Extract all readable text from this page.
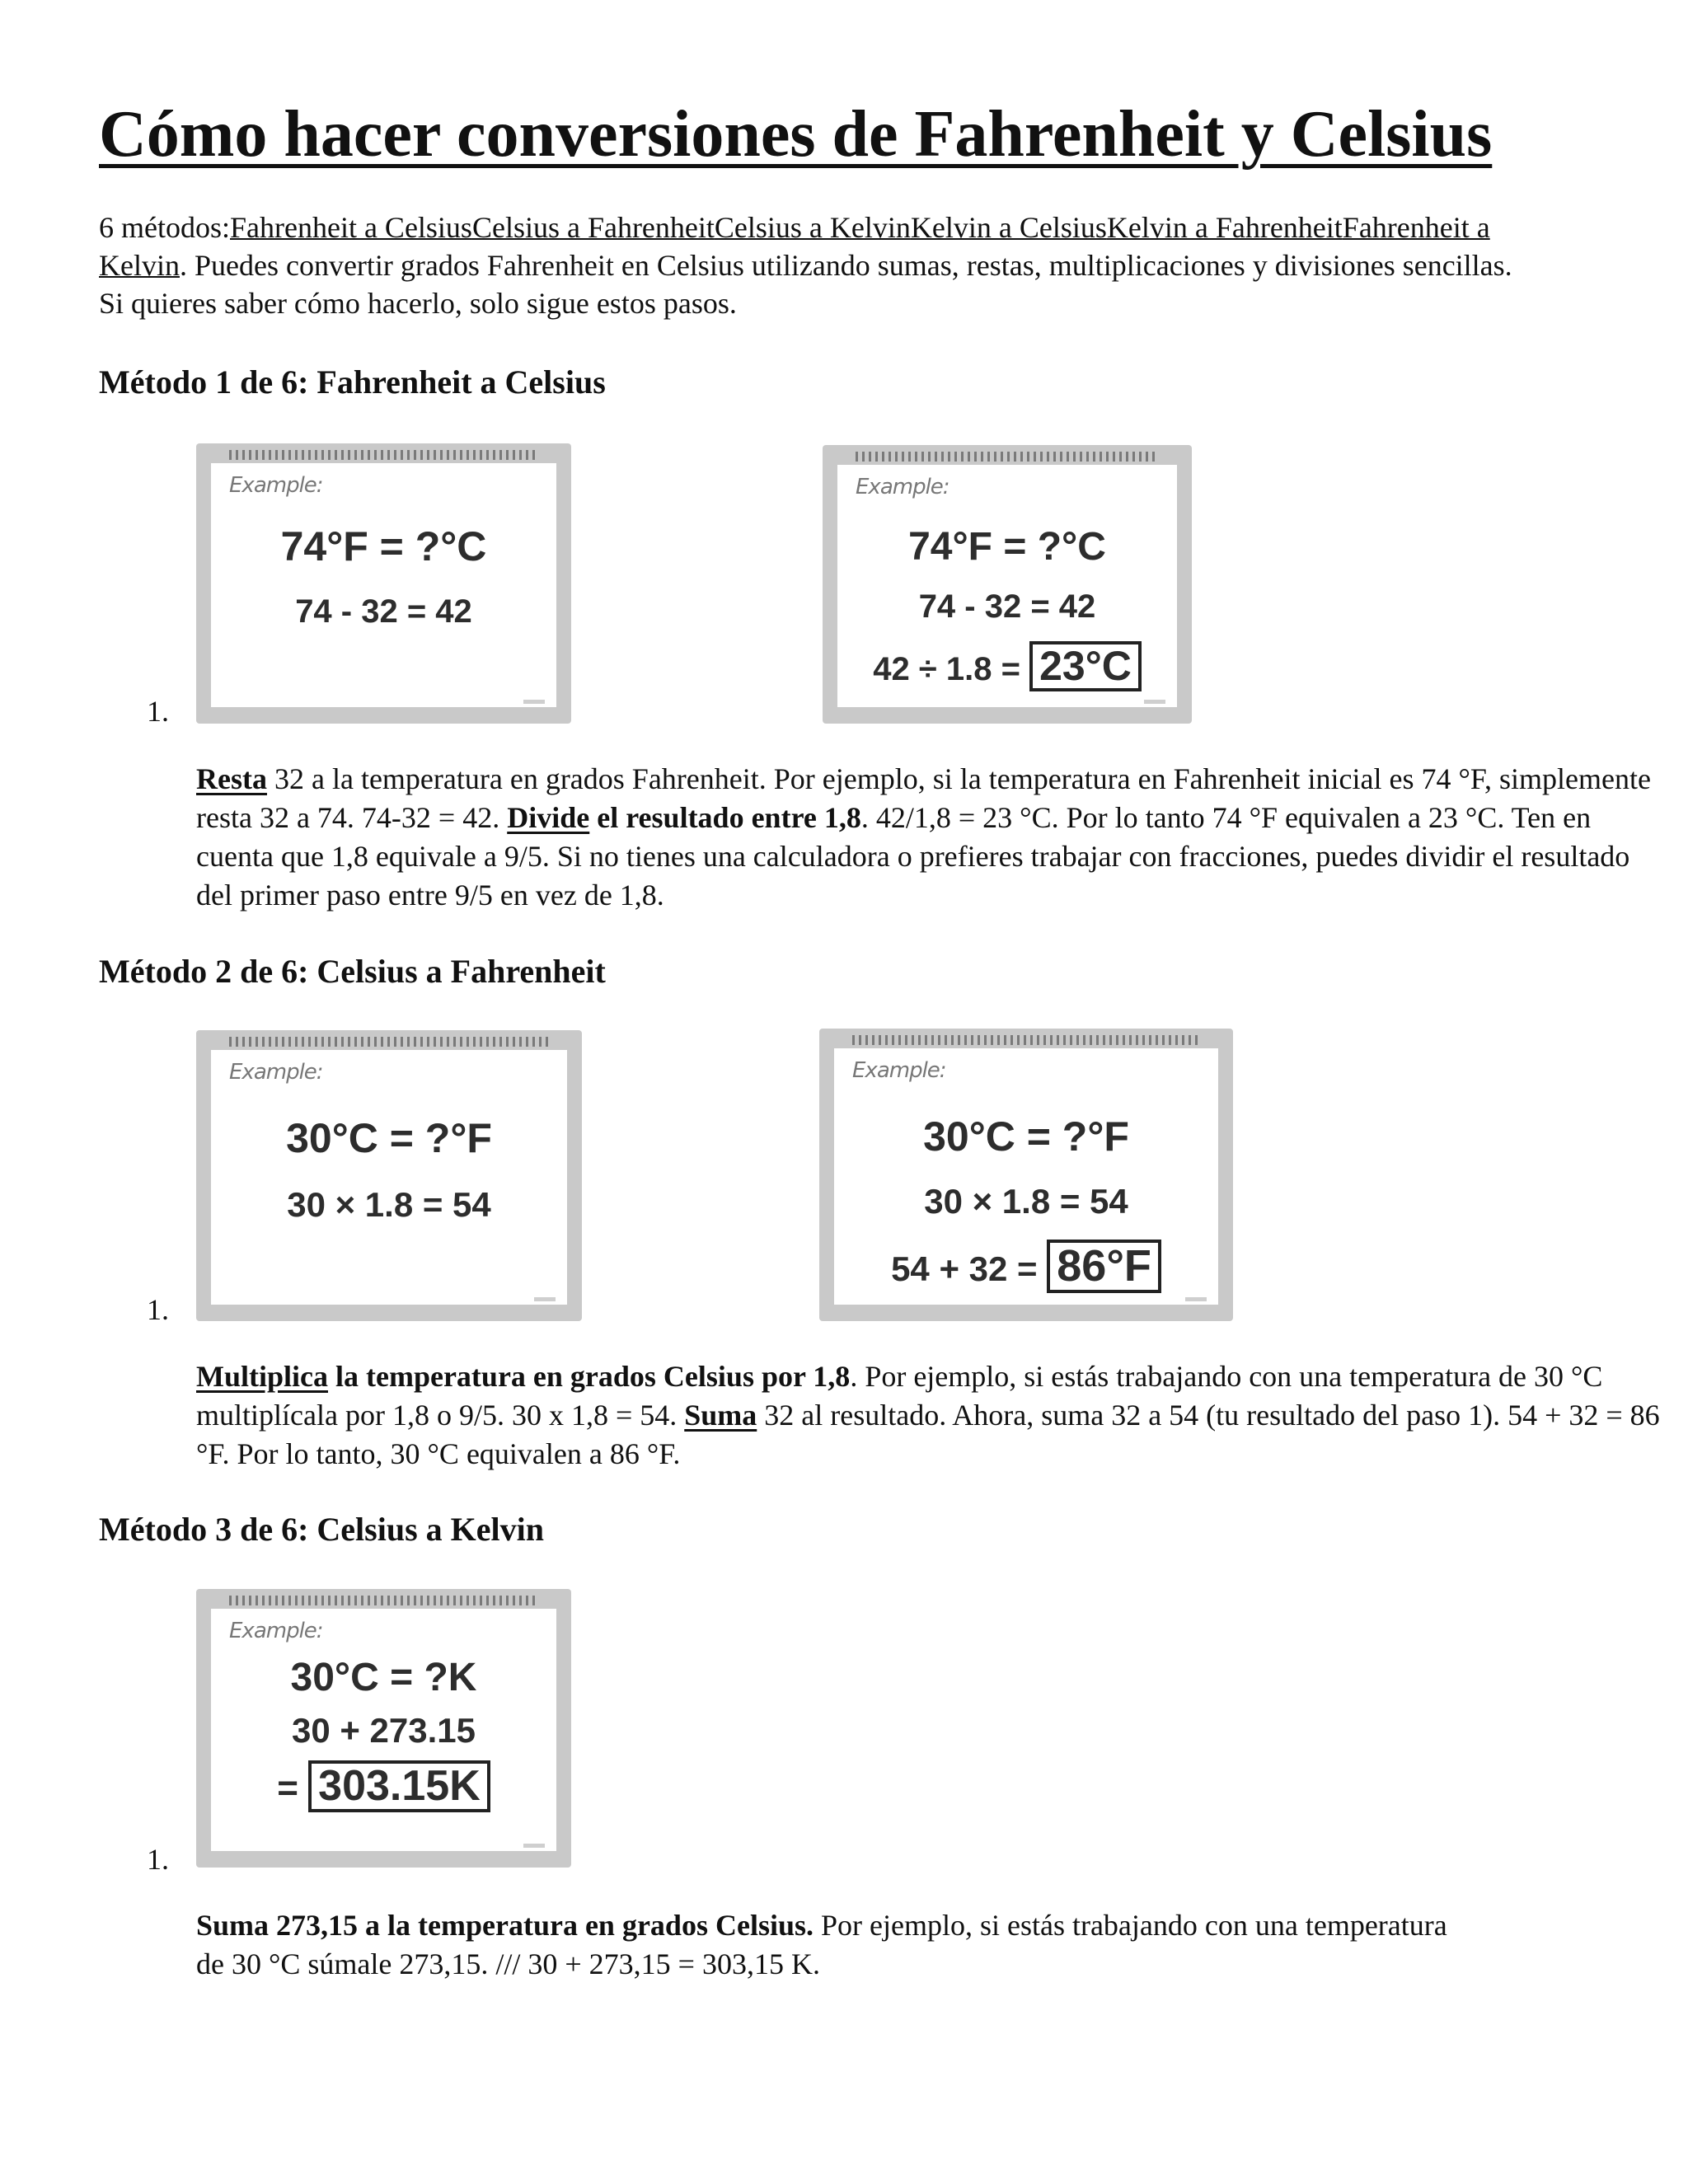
Cómo hacer conversiones de Fahrenheit y Celsius
6 métodos:Fahrenheit a CelsiusCelsius a FahrenheitCelsius a KelvinKelvin a CelsiusKelvin a FahrenheitFahrenheit a Kelvin. Puedes convertir grados Fahrenheit en Celsius utilizando sumas, restas, multiplicaciones y divisiones sencillas. Si quieres saber cómo hacerlo, solo sigue estos pasos.
Método 1 de 6: Fahrenheit a Celsius
Example:
74°F = ?°C
74 - 32 = 42
Example:
74°F = ?°C
74 - 32 = 42
42 ÷ 1.8 = 23°C
1.
Resta 32 a la temperatura en grados Fahrenheit. Por ejemplo, si la temperatura en Fahrenheit inicial es 74 °F, simplemente resta 32 a 74. 74-32 = 42. Divide el resultado entre 1,8. 42/1,8 = 23 °C. Por lo tanto 74 °F equivalen a 23 °C. Ten en cuenta que 1,8 equivale a 9/5. Si no tienes una calculadora o prefieres trabajar con fracciones, puedes dividir el resultado del primer paso entre 9/5 en vez de 1,8.
Método 2 de 6: Celsius a Fahrenheit
Example:
30°C = ?°F
30 × 1.8 = 54
Example:
30°C = ?°F
30 × 1.8 = 54
54 + 32 = 86°F
1.
Multiplica la temperatura en grados Celsius por 1,8. Por ejemplo, si estás trabajando con una temperatura de 30 °C multiplícala por 1,8 o 9/5. 30 x 1,8 = 54. Suma 32 al resultado. Ahora, suma 32 a 54 (tu resultado del paso 1). 54 + 32 = 86 °F. Por lo tanto, 30 °C equivalen a 86 °F.
Método 3 de 6: Celsius a Kelvin
Example:
30°C = ?K
30 + 273.15
= 303.15K
1.
Suma 273,15 a la temperatura en grados Celsius. Por ejemplo, si estás trabajando con una temperatura de 30 °C súmale 273,15. /// 30 + 273,15 = 303,15 K.
